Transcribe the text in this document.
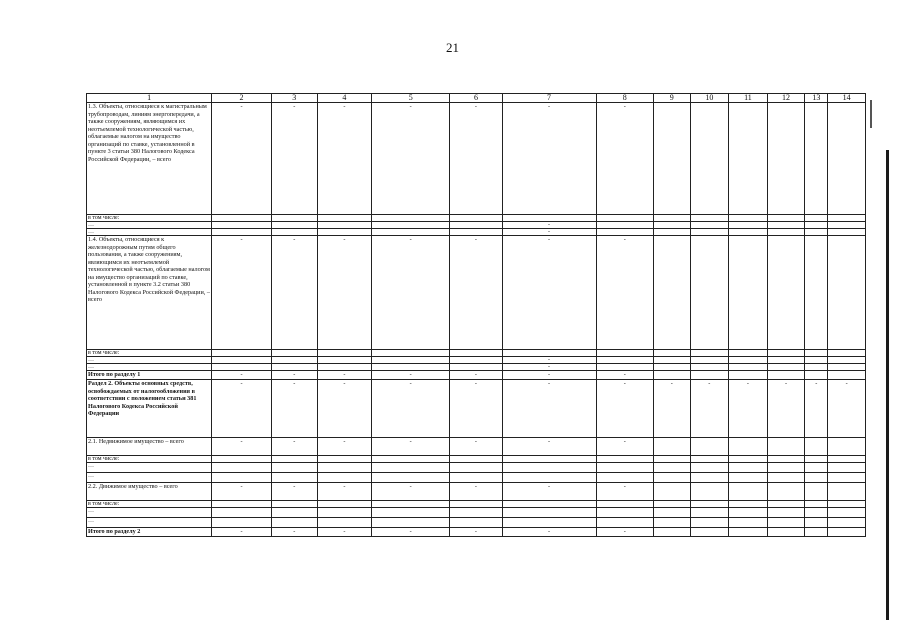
21
1	2	3	4	5	6	7	8	9	10	11	12	13	14
1.3. Объекты, относящиеся к магистральным трубопроводам, линиям энергопередачи, а также сооружениям, являющимся их неотъемлемой технологической частью, облагаемые налогом на имущество организаций по ставке, установленной в пункте 3 статьи 380 Налогового Кодекса Российской Федерации, – всего	-	-	-	-	-	-	-						
в том числе:													
…						-							
…						-							
1.4. Объекты, относящиеся к железнодорожным путям общего пользования, а также сооружениям, являющимся их неотъемлемой технологической частью, облагаемые налогом на имущество организаций по ставке, установленной в пункте 3.2 статьи 380 Налогового Кодекса Российской Федерации, – всего	-	-	-	-	-	-	-						
в том числе:													
…						-							
…						-							
Итого по разделу 1	-	-	-	-	-	-	-						
Раздел 2. Объекты основных средств, освобождаемых от налогообложения в соответствии с положением статьи 381 Налогового Кодекса Российской Федерации	-	-	-	-	-	-	-	-	-	-	-	-	-
2.1. Недвижимое имущество – всего	-	-	-	-	-	-	-						
в том числе:													
…													
…													
2.2. Движимое имущество – всего	-	-	-	-	-	-	-						
в том числе:													
…													
…													
Итого по разделу 2	-	-	-	-	-	-	-						
